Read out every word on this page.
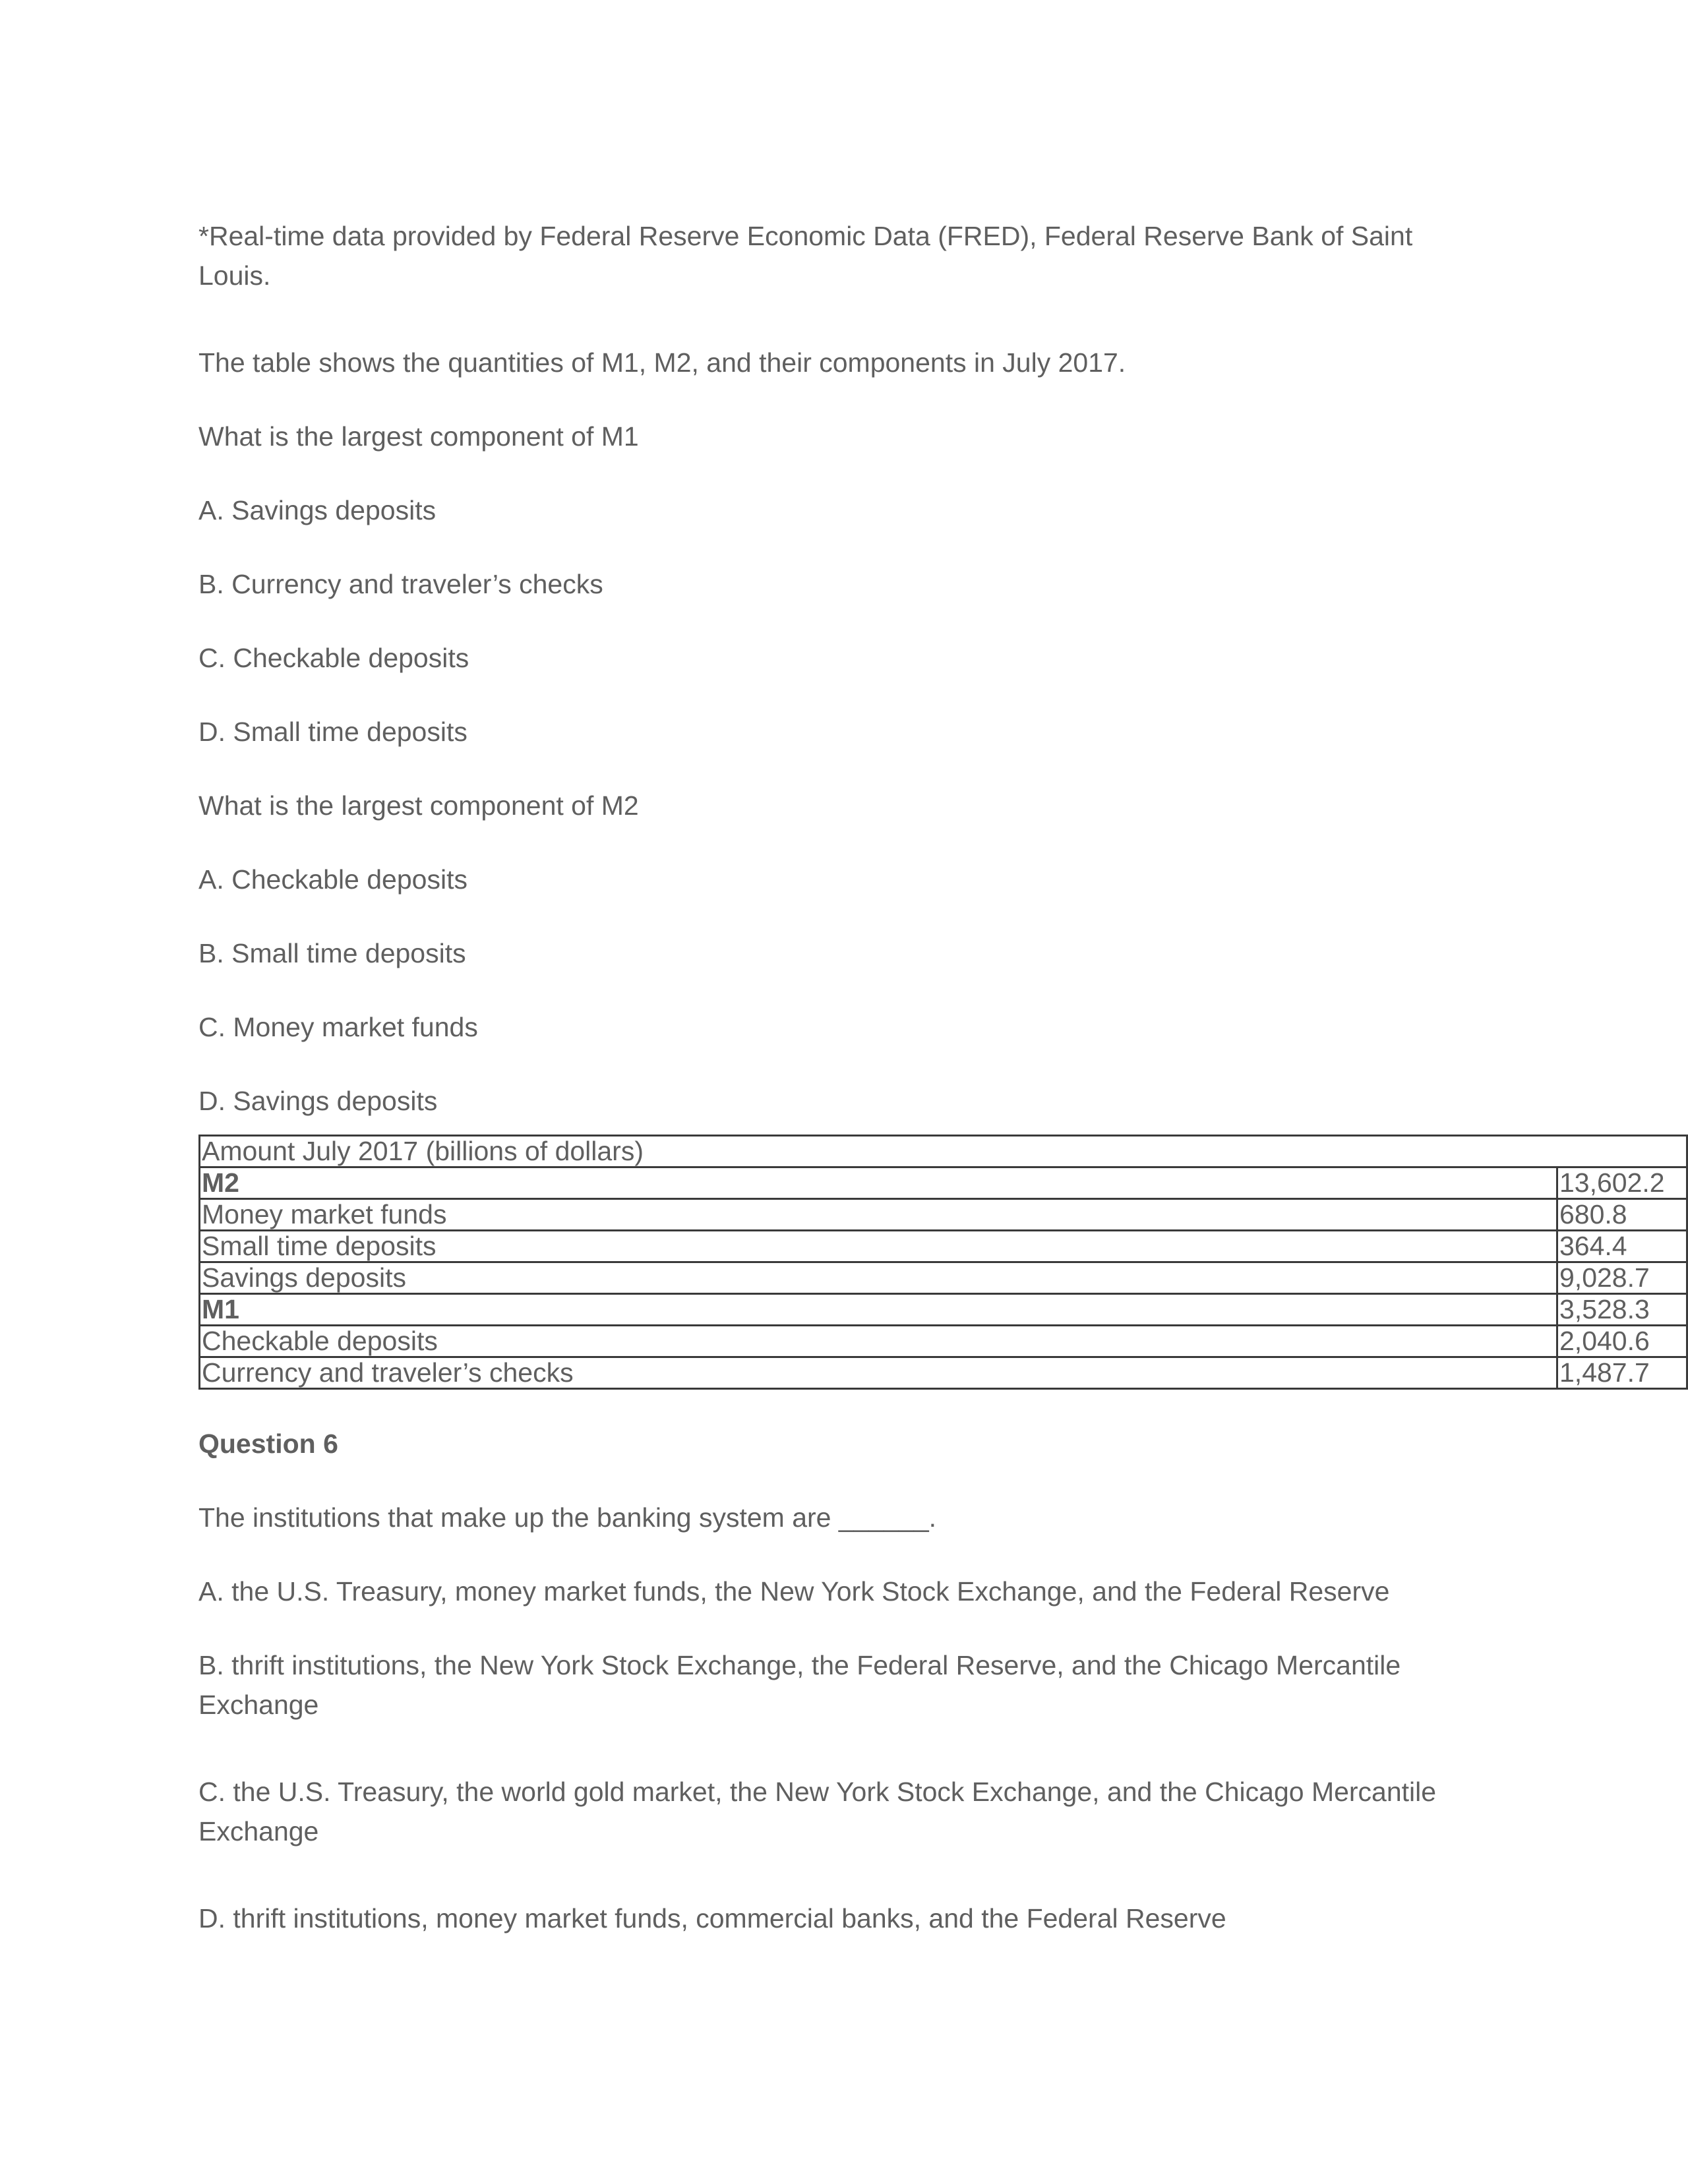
*Real-time data provided by Federal Reserve Economic Data (FRED), Federal Reserve Bank of Saint Louis.

The table shows the quantities of M1, M2, and their components in July 2017.

What is the largest component of M1

A. Savings deposits

B. Currency and traveler’s checks

C. Checkable deposits

D. Small time deposits

What is the largest component of M2

A. Checkable deposits

B. Small time deposits

C. Money market funds

D. Savings deposits

Amount July 2017 (billions of dollars)	
M2	13,602.2
Money market funds	680.8
Small time deposits	364.4
Savings deposits	9,028.7
M1	3,528.3
Checkable deposits	2,040.6
Currency and traveler’s checks	1,487.7

Question 6

The institutions that make up the banking system are ______.

A. the U.S. Treasury, money market funds, the New York Stock Exchange, and the Federal Reserve

B. thrift institutions, the New York Stock Exchange, the Federal Reserve, and the Chicago Mercantile Exchange

C. the U.S. Treasury, the world gold market, the New York Stock Exchange, and the Chicago Mercantile Exchange

D. thrift institutions, money market funds, commercial banks, and the Federal Reserve
